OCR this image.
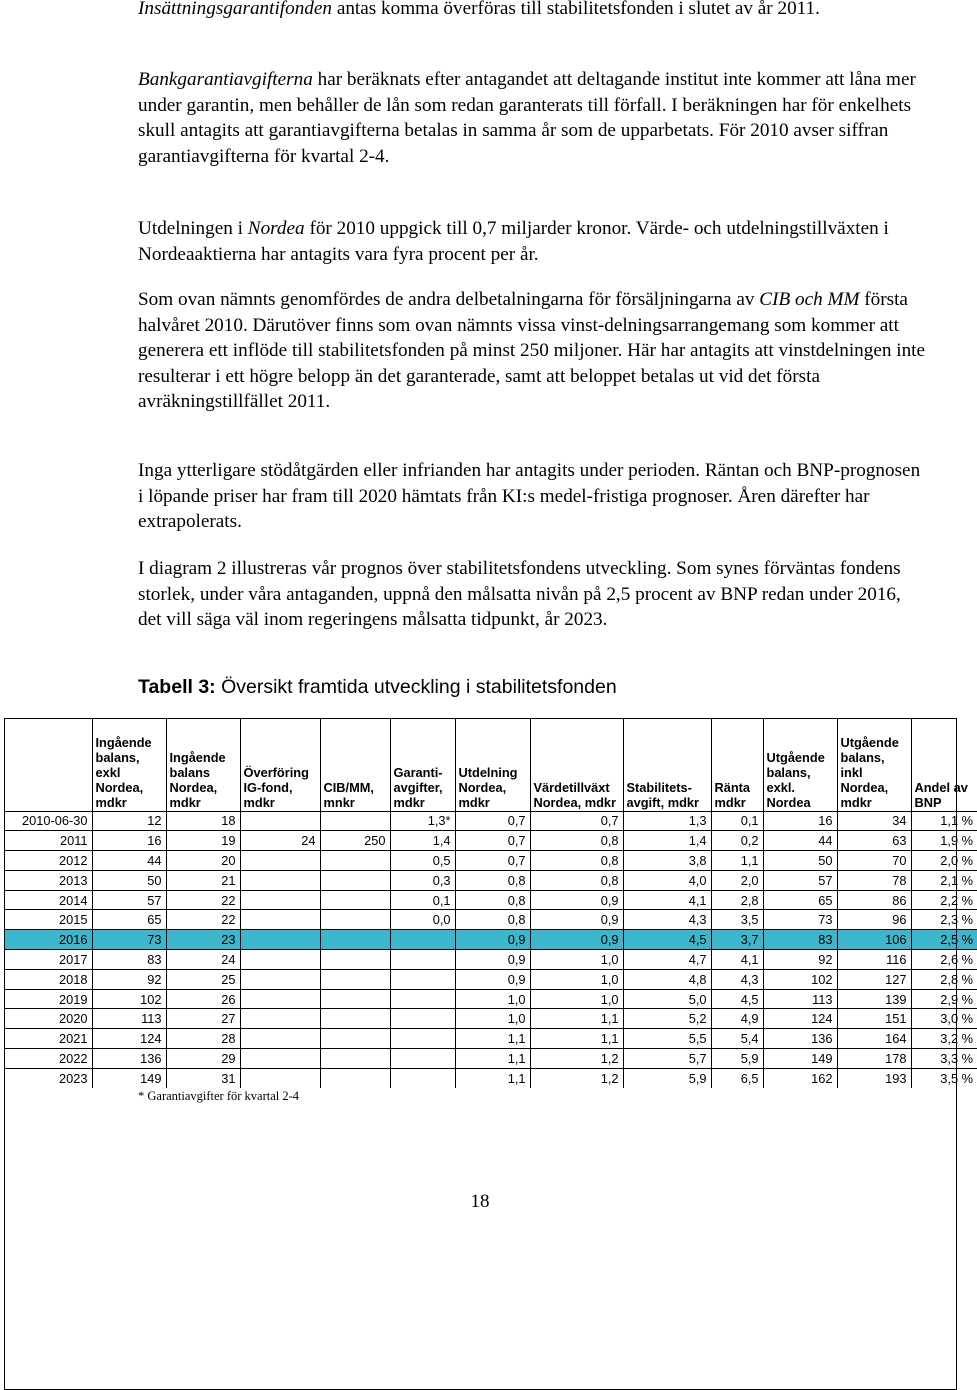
Insättningsgarantifonden antas komma överföras till stabilitetsfonden i slutet av år 2011.

Bankgarantiavgifterna har beräknats efter antagandet att deltagande institut inte kommer att låna mer under garantin, men behåller de lån som redan garanterats till förfall. I beräkningen har för enkelhets skull antagits att garantiavgifterna betalas in samma år som de upparbetats. För 2010 avser siffran garantiavgifterna för kvartal 2-4.

Utdelningen i Nordea för 2010 uppgick till 0,7 miljarder kronor. Värde- och utdelningstillväxten i Nordeaaktierna har antagits vara fyra procent per år.

Som ovan nämnts genomfördes de andra delbetalningarna för försäljningarna av CIB och MM första halvåret 2010. Därutöver finns som ovan nämnts vissa vinst-delningsarrangemang som kommer att generera ett inflöde till stabilitetsfonden på minst 250 miljoner. Här har antagits att vinstdelningen inte resulterar i ett högre belopp än det garanterade, samt att beloppet betalas ut vid det första avräkningstillfället 2011.

Inga ytterligare stödåtgärden eller infrianden har antagits under perioden. Räntan och BNP-prognosen i löpande priser har fram till 2020 hämtats från KI:s medel-fristiga prognoser. Åren därefter har extrapolerats.

I diagram 2 illustreras vår prognos över stabilitetsfondens utveckling. Som synes förväntas fondens storlek, under våra antaganden, uppnå den målsatta nivån på 2,5 procent av BNP redan under 2016, det vill säga väl inom regeringens målsatta tidpunkt, år 2023.

Tabell 3: Översikt framtida utveckling i stabilitetsfonden
	Ingående balans, exkl Nordea, mdkr	Ingående balans Nordea, mdkr	Överföring IG-fond, mdkr	CIB/MM, mnkr	Garanti-avgifter, mdkr	Utdelning Nordea, mdkr	Värdetillväxt Nordea, mdkr	Stabilitets-avgift, mdkr	Ränta mdkr	Utgående balans, exkl. Nordea	Utgående balans, inkl Nordea, mdkr	Andel av BNP
2010-06-30	12	18			1,3*	0,7	0,7	1,3	0,1	16	34	1,1 %
2011	16	19	24	250	1,4	0,7	0,8	1,4	0,2	44	63	1,9 %
2012	44	20			0,5	0,7	0,8	3,8	1,1	50	70	2,0 %
2013	50	21			0,3	0,8	0,8	4,0	2,0	57	78	2,1 %
2014	57	22			0,1	0,8	0,9	4,1	2,8	65	86	2,2 %
2015	65	22			0,0	0,8	0,9	4,3	3,5	73	96	2,3 %
2016	73	23				0,9	0,9	4,5	3,7	83	106	2,5 %
2017	83	24				0,9	1,0	4,7	4,1	92	116	2,6 %
2018	92	25				0,9	1,0	4,8	4,3	102	127	2,8 %
2019	102	26				1,0	1,0	5,0	4,5	113	139	2,9 %
2020	113	27				1,0	1,1	5,2	4,9	124	151	3,0 %
2021	124	28				1,1	1,1	5,5	5,4	136	164	3,2 %
2022	136	29				1,1	1,2	5,7	5,9	149	178	3,3 %
2023	149	31				1,1	1,2	5,9	6,5	162	193	3,5 %
* Garantiavgifter för kvartal 2-4
18
